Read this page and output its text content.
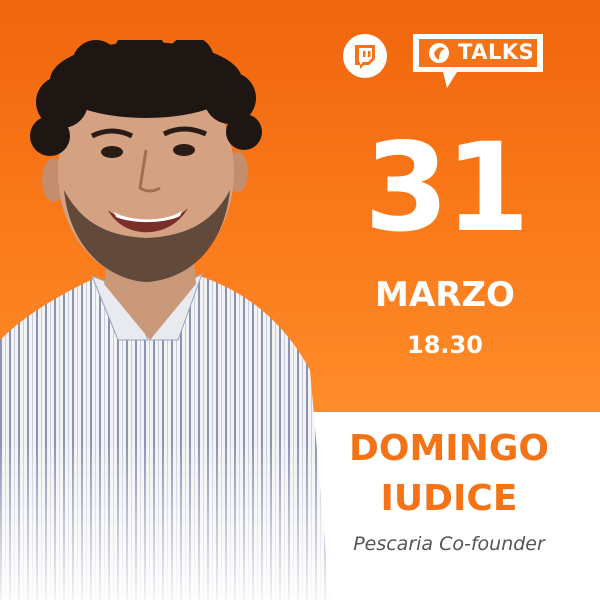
TALKS
31
MARZO
18.30
DOMINGO
IUDICE
Pescaria Co-founder
